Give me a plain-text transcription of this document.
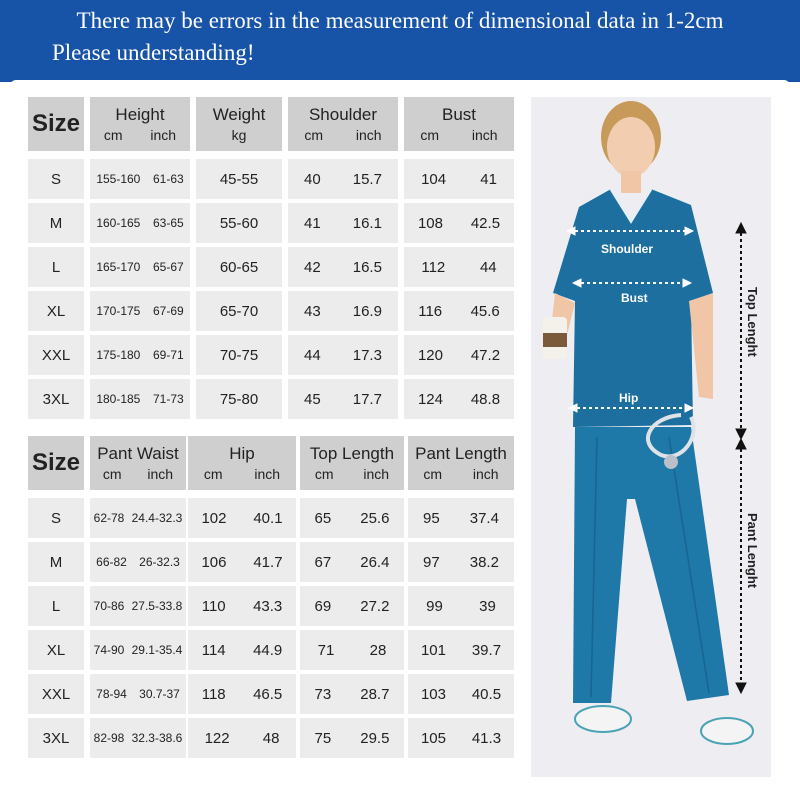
There may be errors in the measurement of dimensional data in 1-2cm
Please understanding!
Size Height
cm inch
Weight
kg
Shoulder
cm inch
Bust
cm inch
S	155-160 61-63 45-55	40 15.7	104 41
M	160-165 63-65 55-60	41 16.1 108 42.5
L	165-170 65-67 60-65	42 16.5	112 44
XL	170-175 67-69 65-70	43 16.9 116 45.6
XXL 175-180 69-71 70-75	44 17.3 120 47.2
3XL 180-185 71-73 75-80	45 17.7 124 48.8
Size Pant Waist
cm inch
Hip
cm inch
Top Length
cm inch
Pant Length
cm inch
S	62-78 24.4-32.3 102 40.1 65 25.6 95 37.4
M	66-82 26-32.3 106 41.7 67 26.4 97 38.2
L	70-86 27.5-33.8 110 43.3 69 27.2 99 39
XL 74-90 29.1-35.4 114 44.9 71 28 101 39.7
XXL 78-94 30.7-37 118 46.5 73 28.7 103 40.5
3XL 82-98 32.3-38.6 122 48 75 29.5 105 41.3
Shoulder
Bust
Hip
Top Lenght
Pant Lenght
